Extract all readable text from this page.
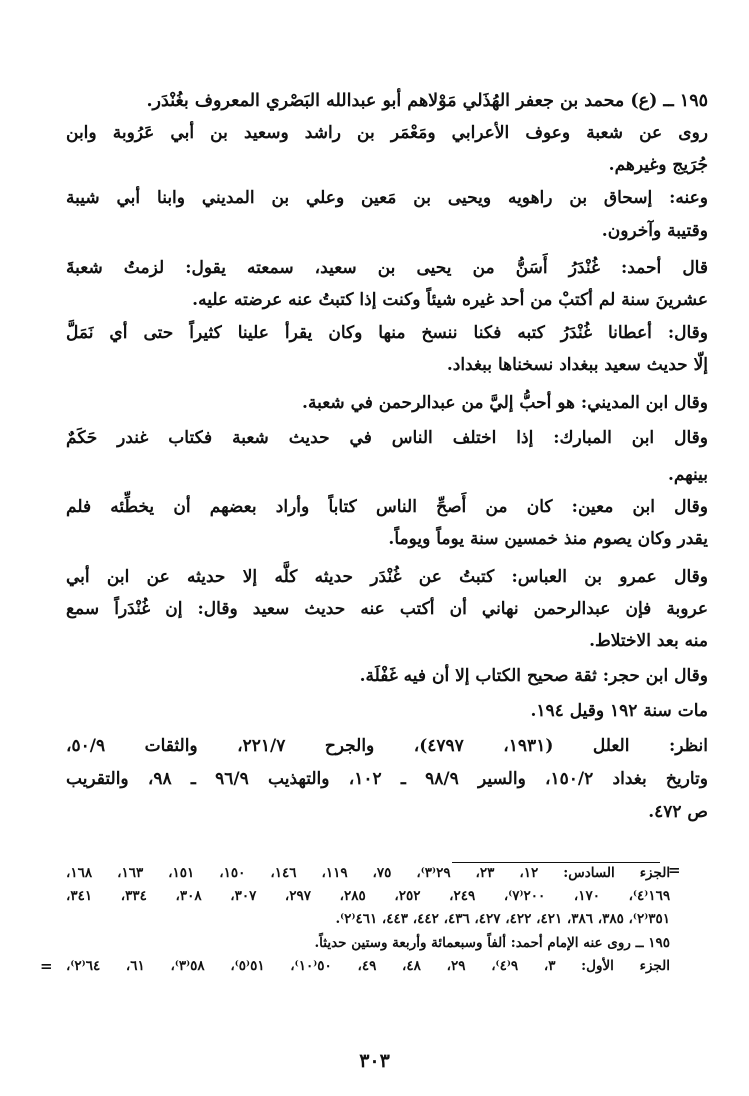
١٩٥ ــ (ع) محمد بن جعفر الهُذَلي مَوْلاهم أبو عبدالله البَصْري المعروف بغُنْدَر.
روى عن شعبة وعوف الأعرابي ومَعْمَر بن راشد وسعيد بن أبي عَرُوبة وابن
جُرَيج وغيرهم.
وعنه: إسحاق بن راهويه ويحيى بن مَعين وعلي بن المديني وابنا أبي شيبة
وقتيبة وآخرون.
قال أحمد: غُنْدَرُ أَسَنُّ من يحيى بن سعيد، سمعته يقول: لزمتُ شعبةَ
عشرينَ سنة لم أكتبْ من أحد غيره شيئاً وكنت إذا كتبتُ عنه عرضته عليه.
وقال: أعطانا غُنْدَرُ كتبه فكنا ننسخ منها وكان يقرأ علينا كثيراً حتى أي نَمَلَّ
إلّا حديث سعيد ببغداد نسخناها ببغداد.
وقال ابن المديني: هو أحبُّ إليَّ من عبدالرحمن في شعبة.
وقال ابن المبارك: إذا اختلف الناس في حديث شعبة فكتاب غندر حَكَمٌ
بينهم.
وقال ابن معين: كان من أَصحِّ الناس كتاباً وأراد بعضهم أن يخطِّئه فلم
يقدر وكان يصوم منذ خمسين سنة يوماً ويوماً.
وقال عمرو بن العباس: كتبتُ عن غُنْدَر حديثه كلَّه إلا حديثه عن ابن أبي
عروبة فإن عبدالرحمن نهاني أن أكتب عنه حديث سعيد وقال: إن غُنْدَراً سمع
منه بعد الاختلاط.
وقال ابن حجر: ثقة صحيح الكتاب إلا أن فيه غَفْلَة.
مات سنة ١٩٢ وقيل ١٩٤.
انظر: العلل (١٩٣١، ٤٧٩٧)، والجرح ٢٢١/٧، والثقات ٥٠/٩،
وتاريخ بغداد ١٥٠/٢، والسير ٩٨/٩ ـ ١٠٢، والتهذيب ٩٦/٩ ـ ٩٨، والتقريب
ص ٤٧٢.
=
الجزء السادس: ١٢، ٢٣، ٢٩⁽٣⁾، ٧٥، ١١٩، ١٤٦، ١٥٠، ١٥١، ١٦٣، ١٦٨،
١٦٩⁽٤⁾، ١٧٠، ٢٠٠⁽٧⁾، ٢٤٩، ٢٥٢، ٢٨٥، ٢٩٧، ٣٠٧، ٣٠٨، ٣٣٤، ٣٤١،
٣٥١⁽٢⁾، ٣٨٥، ٣٨٦، ٤٢١، ٤٢٢، ٤٢٧، ٤٣٦، ٤٤٢، ٤٤٣، ٤٦١⁽٢⁾.
١٩٥ ــ روى عنه الإمام أحمد: ألفاً وسبعمائة وأربعة وستين حديثاً.
الجزء الأول: ٣، ٩⁽٤⁾، ٢٩، ٤٨، ٤٩، ٥٠⁽١٠⁾، ٥١⁽٥⁾، ٥٨⁽٣⁾، ٦١، ٦٤⁽٢⁾،
=
٣٠٣
